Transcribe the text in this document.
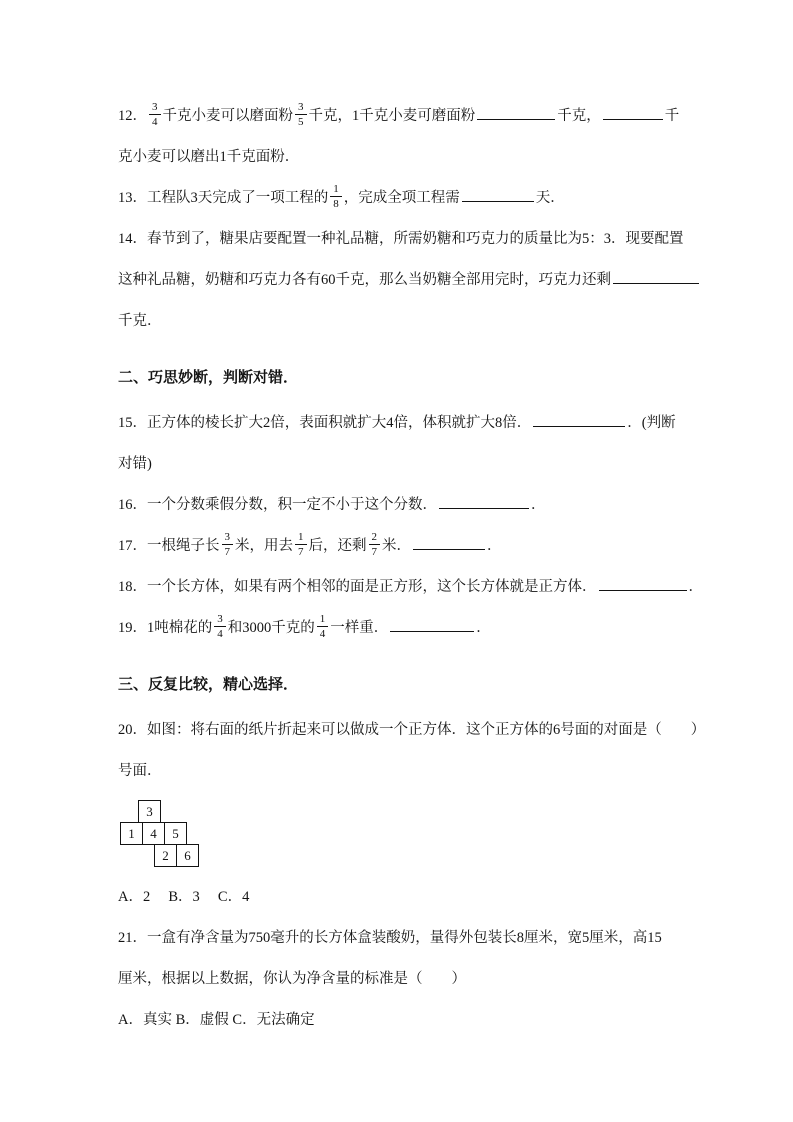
12． $\frac{3}{4}$ 千克小麦可以磨面粉 $\frac{3}{5}$ 千克，1千克小麦可磨面粉	千克，	千
克小麦可以磨出1千克面粉．
13．工程队3天完成了一项工程的 $\frac{1}{8}$ ，完成全项工程需	天．
14．春节到了，糖果店要配置一种礼品糖，所需奶糖和巧克力的质量比为5：3．现要配置
这种礼品糖，奶糖和巧克力各有60千克，那么当奶糖全部用完时，巧克力还剩
千克．
二、巧思妙断，判断对错．
15．正方体的棱长扩大2倍，表面积就扩大4倍，体积就扩大8倍．	．(判断
对错)
16．一个分数乘假分数，积一定不小于这个分数．	．
17．一根绳子长 $\frac{3}{7}$ 米，用去 $\frac{1}{7}$ 后，还剩 $\frac{2}{7}$ 米．	．
18．一个长方体，如果有两个相邻的面是正方形，这个长方体就是正方体．	．
19．1吨棉花的 $\frac{3}{4}$ 和3000千克的 $\frac{1}{4}$ 一样重．	．
三、反复比较，精心选择．
20．如图：将右面的纸片折起来可以做成一个正方体．这个正方体的6号面的对面是（　　）
号面．
3
1	4	5
2	6
A．2　 B．3　 C．4
21．一盒有净含量为750毫升的长方体盒装酸奶，量得外包装长8厘米，宽5厘米，高15
厘米，根据以上数据，你认为净含量的标准是（　　）
A．真实 B．虚假 C．无法确定
